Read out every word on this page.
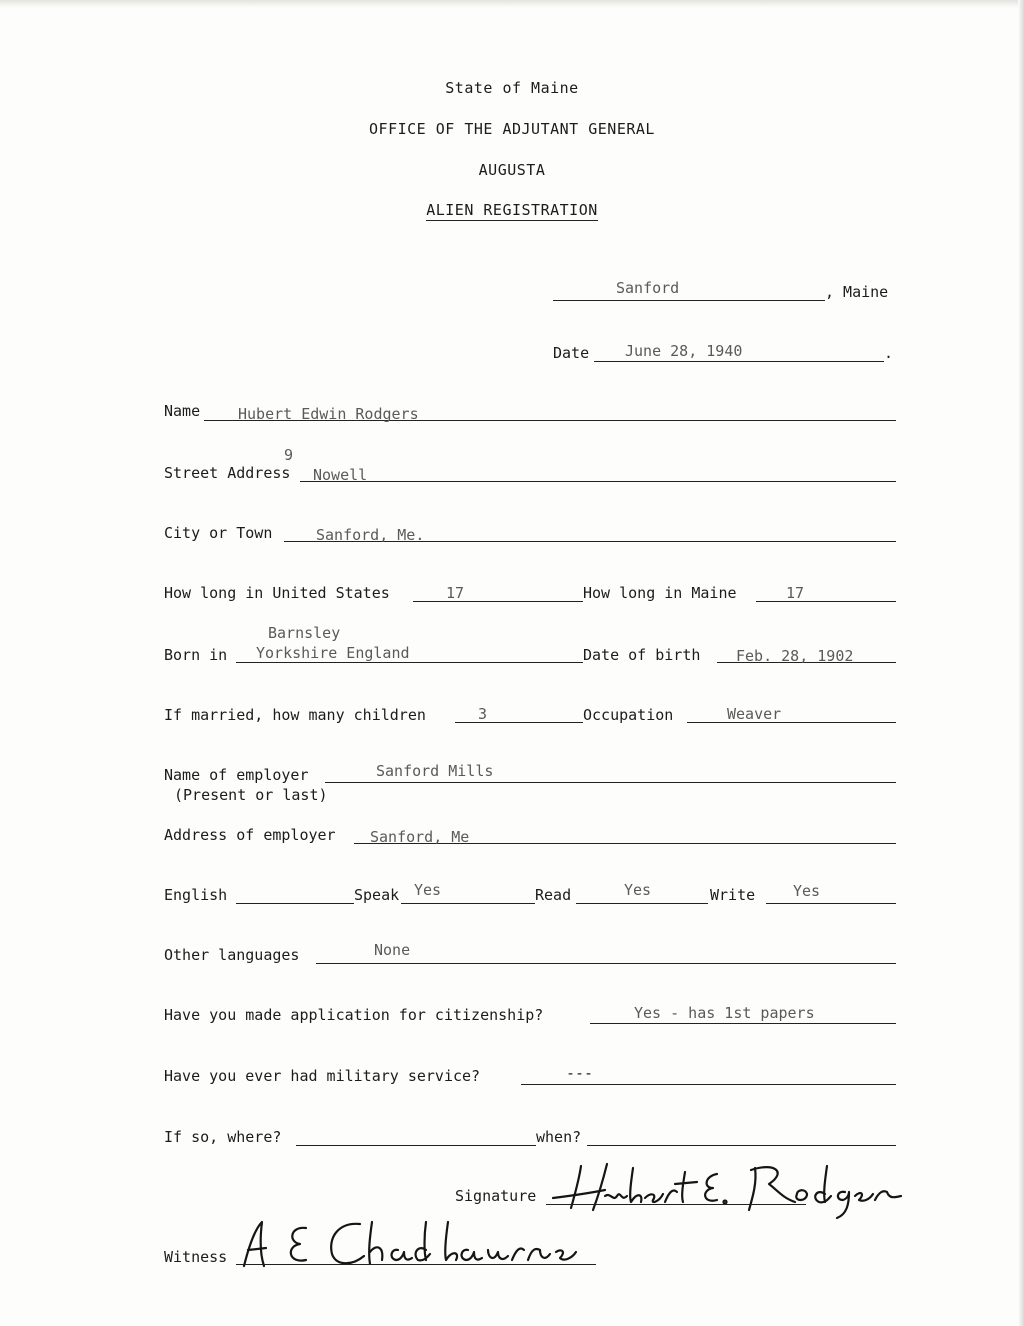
State of Maine
OFFICE OF THE ADJUTANT GENERAL
AUGUSTA
ALIEN REGISTRATION
Sanford	, Maine
Date June 28, 1940	.
Name	Hubert Edwin Rodgers
9
Street Address Nowell
City or Town	Sanford, Me.
How long in United States	17	How long in Maine	17
Barnsley
Born in Yorkshire England	Date of birth Feb. 28, 1902
If married, how many children	3	Occupation	Weaver
Name of employer	Sanford Mills
(Present or last)
Address of employer Sanford, Me
English	Speak Yes	Read	Yes	Write	Yes
Other languages	None
Have you made application for citizenship?	Yes - has 1st papers
Have you ever had military service?	---
If so, where?	when?
Signature
Witness
